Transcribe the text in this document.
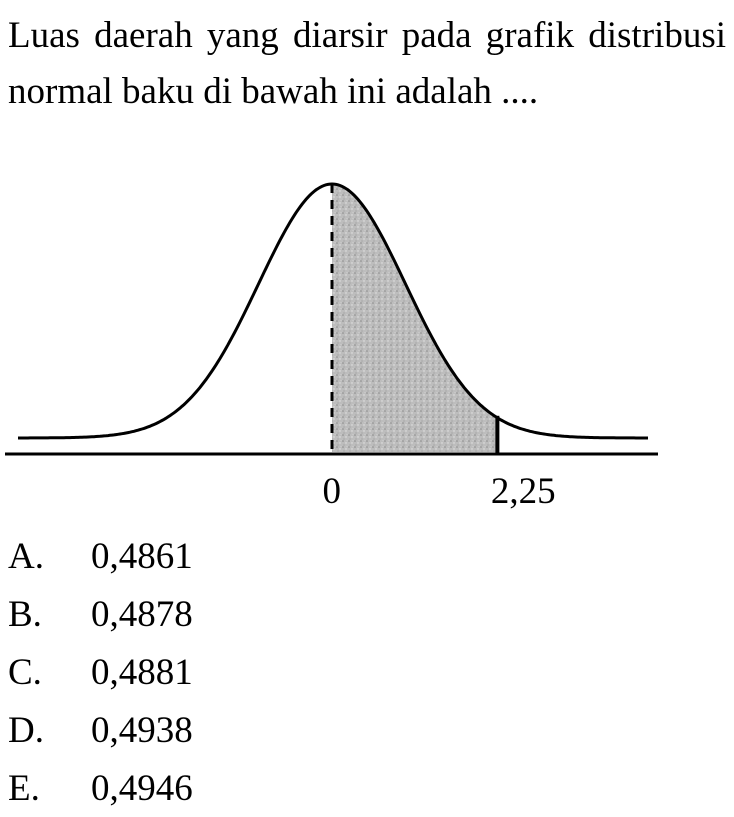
Luas daerah yang diarsir pada grafik distribusi normal baku di bawah ini adalah ....

0	2,25
A.	0,4861
B.	0,4878
C.	0,4881
D.	0,4938
E.	0,4946
